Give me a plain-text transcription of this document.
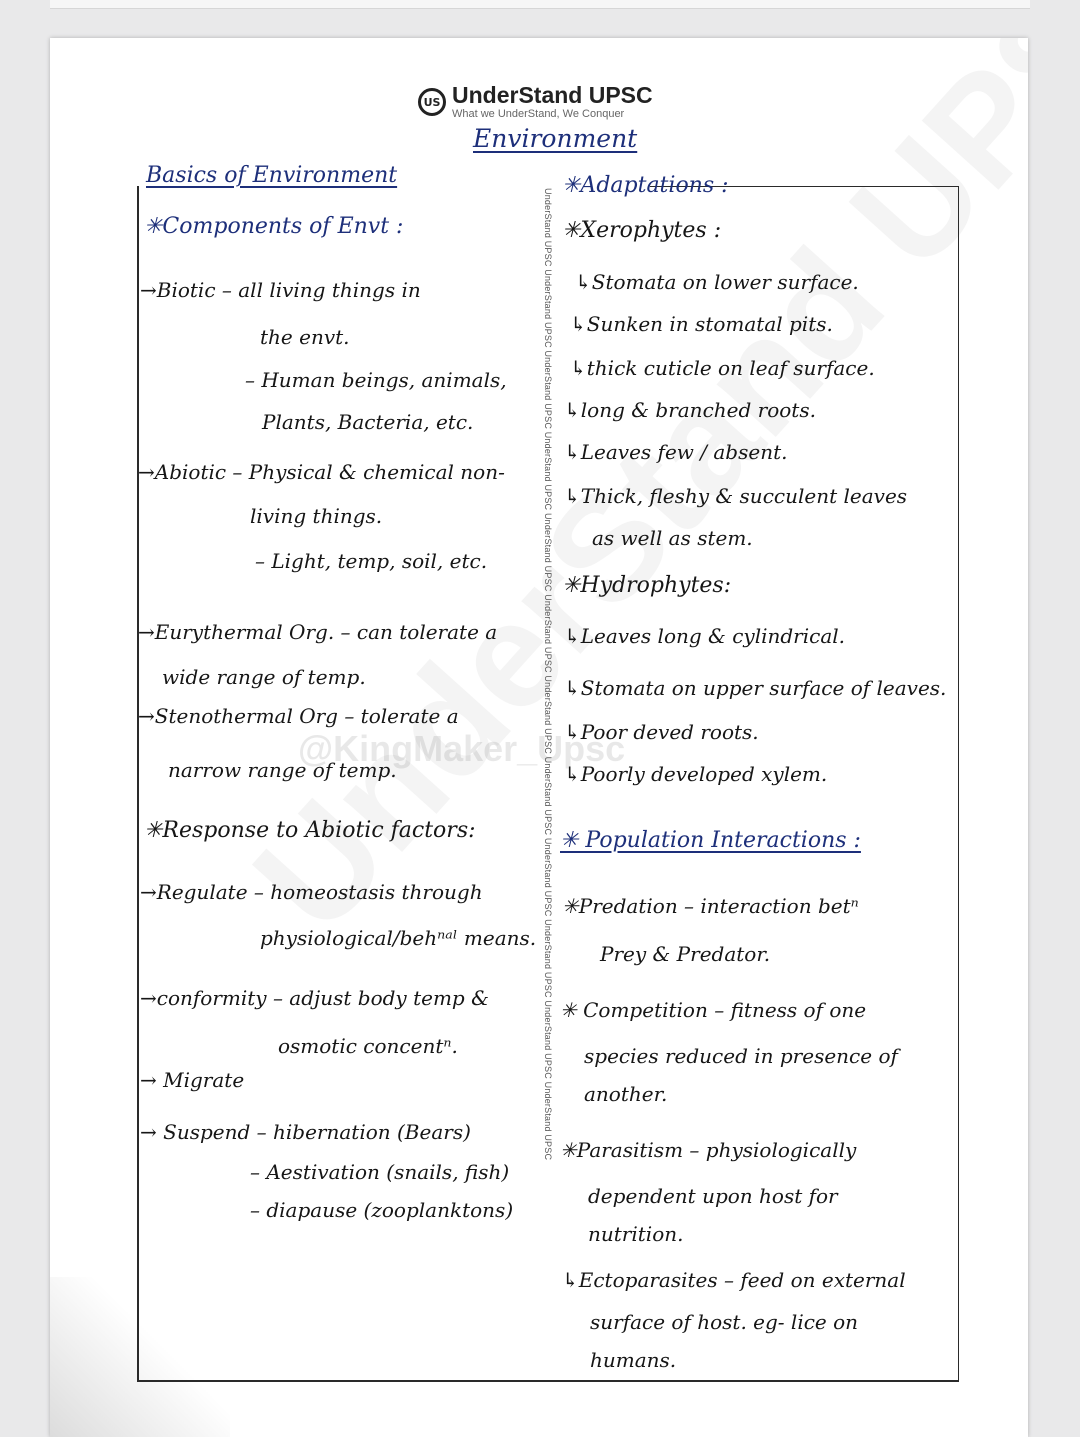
US UnderStand UPSC
What we UnderStand, We Conquer
Environment
UnderStand UPSC UnderStand UPSC UnderStand UPSC UnderStand UPSC UnderStand UPSC UnderStand UPSC UnderStand UPSC UnderStand UPSC UnderStand UPSC UnderStand UPSC UnderStand UPSC UnderStand UPSC
@KingMaker_Upsc
Basics of Environment
✳Components of Envt :
→Biotic – all living things in
the envt.
– Human beings, animals,
Plants, Bacteria, etc.
→Abiotic – Physical & chemical non-
living things.
– Light, temp, soil, etc.
→Eurythermal Org. – can tolerate a
wide range of temp.
→Stenothermal Org – tolerate a
narrow range of temp.
✳Response to Abiotic factors:
→Regulate – homeostasis through
physiological/behⁿᵃˡ means.
→conformity – adjust body temp &
osmotic concentⁿ.
→ Migrate
→ Suspend – hibernation (Bears)
– Aestivation (snails, fish)
– diapause (zooplanktons)
✳Adaptations :
✳Xerophytes :
↳Stomata on lower surface.
↳Sunken in stomatal pits.
↳thick cuticle on leaf surface.
↳long & branched roots.
↳Leaves few / absent.
↳Thick, fleshy & succulent leaves
as well as stem.
✳Hydrophytes:
↳Leaves long & cylindrical.
↳Stomata on upper surface of leaves.
↳Poor deved roots.
↳Poorly developed xylem.
✳ Population Interactions :
✳Predation – interaction betⁿ
Prey & Predator.
✳ Competition – fitness of one
species reduced in presence of
another.
✳Parasitism – physiologically
dependent upon host for
nutrition.
↳Ectoparasites – feed on external
surface of host. eg- lice on
humans.
